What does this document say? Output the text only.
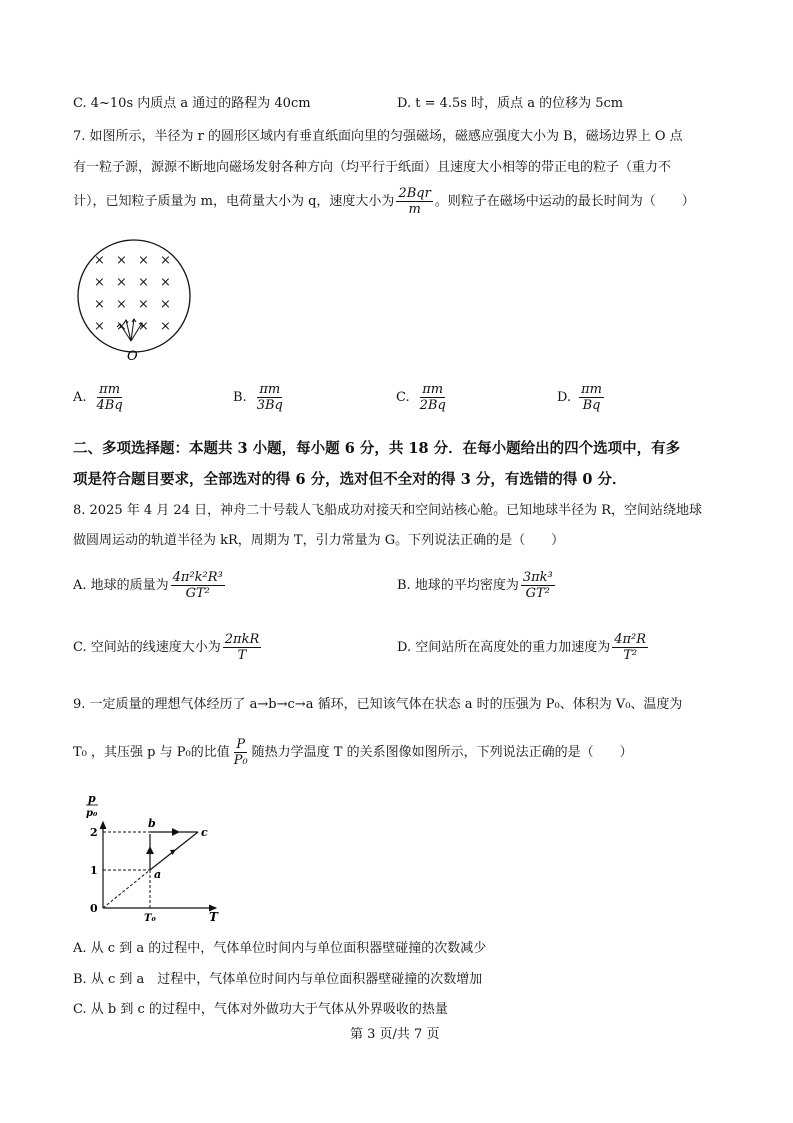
C. 4~10s 内质点 a 通过的路程为 40cm	D. t = 4.5s 时，质点 a 的位移为 5cm
7. 如图所示，半径为 r 的圆形区域内有垂直纸面向里的匀强磁场，磁感应强度大小为 B，磁场边界上 O 点
有一粒子源，源源不断地向磁场发射各种方向（均平行于纸面）且速度大小相等的带正电的粒子（重力不
计），已知粒子质量为 m，电荷量大小为 q，速度大小为 $\frac{\text{2Bqr}}{m}$ 。则粒子在磁场中运动的最长时间为（　　）
× × × ×
× × × ×
× × × ×
× × × ×
O
A. $\frac{\pi m}{4Bq}$	B. $\frac{\pi m}{3Bq}$	C. $\frac{\pi m}{2Bq}$	D. $\frac{\pi m}{Bq}$
二、多项选择题：本题共 3 小题，每小题 6 分，共 18 分．在每小题给出的四个选项中，有多
项是符合题目要求，全部选对的得 6 分，选对但不全对的得 3 分，有选错的得 0 分．
8. 2025 年 4 月 24 日，神舟二十号载人飞船成功对接天和空间站核心舱。已知地球半径为 R，空间站绕地球
做圆周运动的轨道半径为 kR，周期为 T，引力常量为 G。下列说法正确的是（　　）
A. 地球的质量为 $\frac{\text{4π²k²R³}}{\text{GT²}}$	B. 地球的平均密度为 $\frac{\text{3πk³}}{\text{GT²}}$
C. 空间站的线速度大小为 $\frac{\text{2πkR}}{T}$	D. 空间站所在高度处的重力加速度为 $\frac{\text{4π²R}}{\text{T²}}$
9. 一定质量的理想气体经历了 a→b→c→a 循环，已知该气体在状态 a 时的压强为 P₀、体积为 V₀、温度为
T₀ ，其压强 p 与 P₀的比值 $\frac{P}{\text{P₀}}$ 随热力学温度 T 的关系图像如图所示，下列说法正确的是（　　）
p
p₀
T
2
1
0
T₀
b
c
a
A. 从 c 到 a 的过程中，气体单位时间内与单位面积器壁碰撞的次数减少
B. 从 c 到 a　过程中，气体单位时间内与单位面积器壁碰撞的次数增加
C. 从 b 到 c 的过程中，气体对外做功大于气体从外界吸收的热量
第 3 页/共 7 页
